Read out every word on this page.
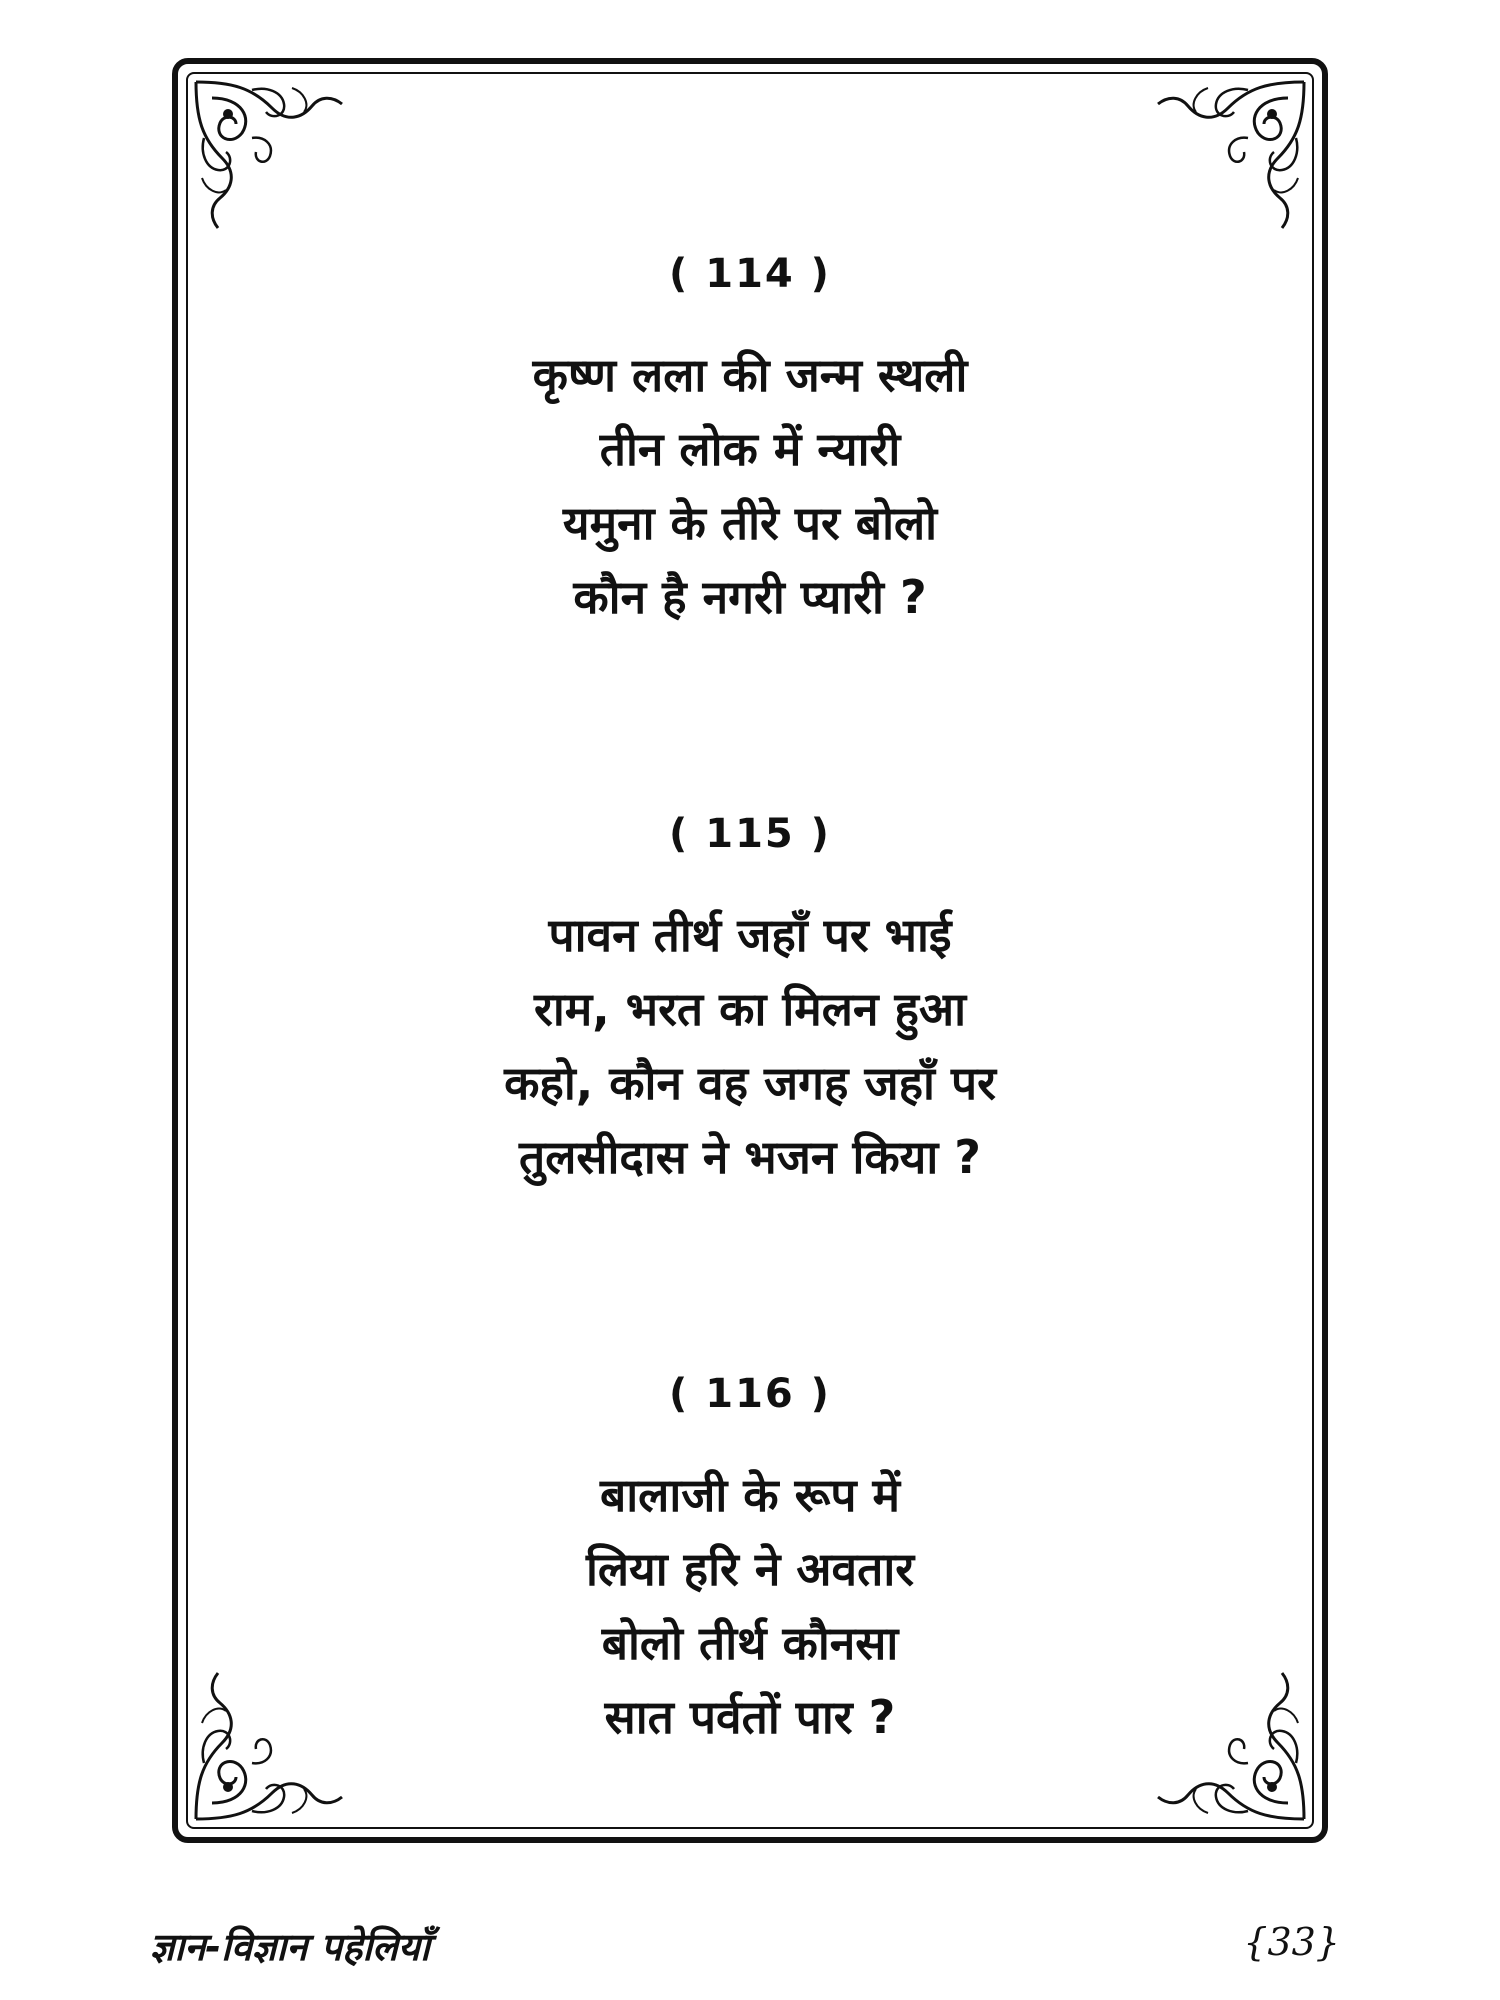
( 114 )
कृष्ण लला की जन्म स्थली
तीन लोक में न्यारी
यमुना के तीरे पर बोलो
कौन है नगरी प्यारी ?
( 115 )
पावन तीर्थ जहाँ पर भाई
राम, भरत का मिलन हुआ
कहो, कौन वह जगह जहाँ पर
तुलसीदास ने भजन किया ?
( 116 )
बालाजी के रूप में
लिया हरि ने अवतार
बोलो तीर्थ कौनसा
सात पर्वतों पार ?
ज्ञान-विज्ञान पहेलियाँ	{33}
